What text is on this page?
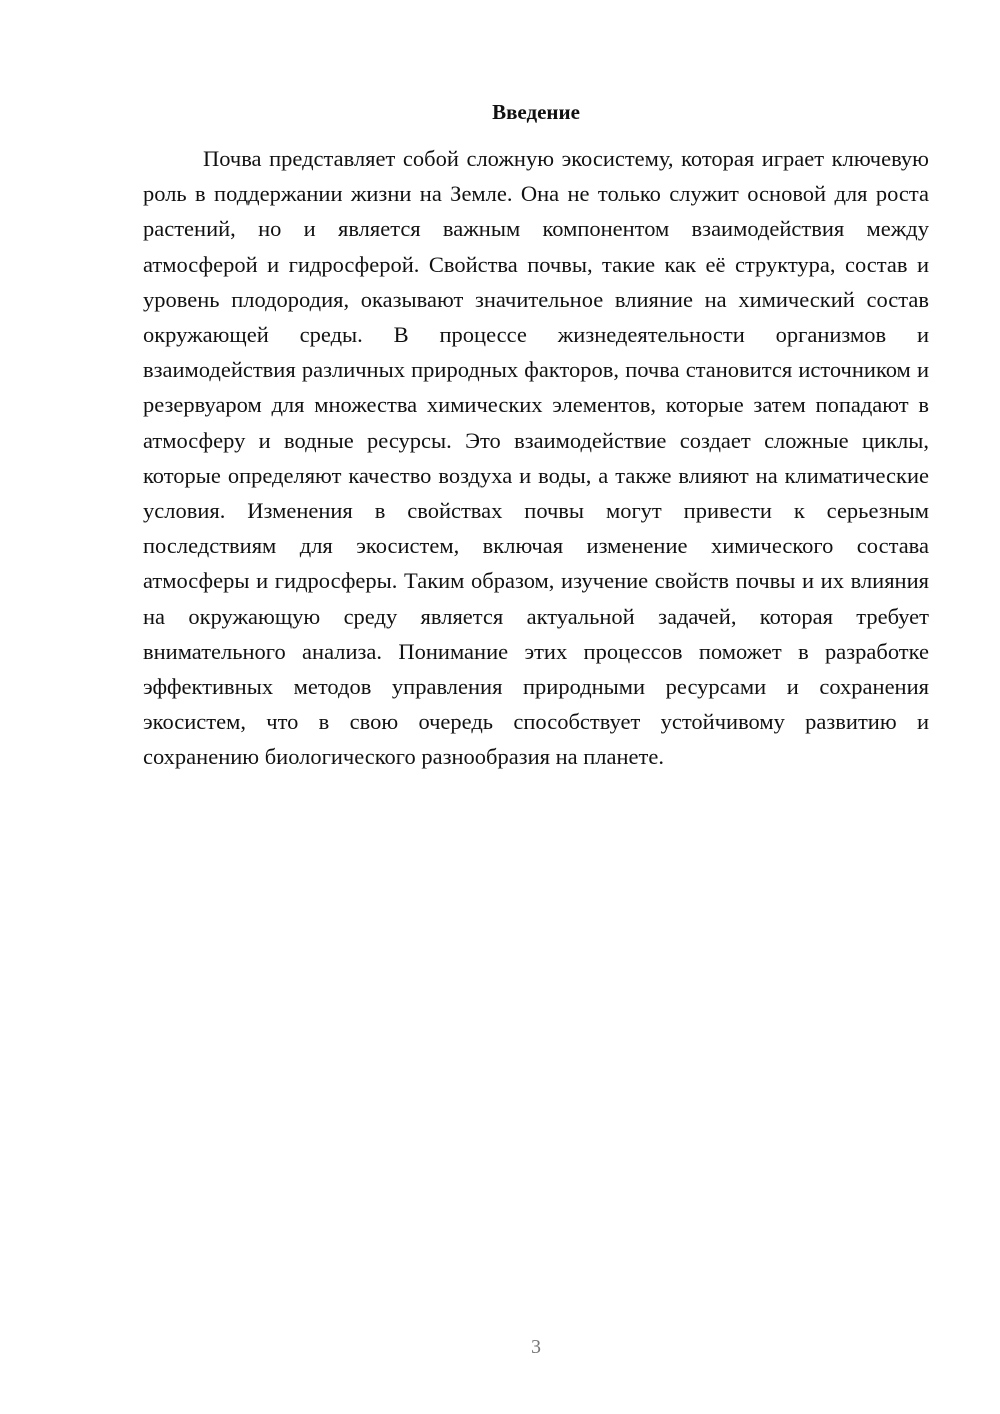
Введение

Почва представляет собой сложную экосистему, которая играет ключевую роль в поддержании жизни на Земле. Она не только служит основой для роста растений, но и является важным компонентом взаимодействия между атмосферой и гидросферой. Свойства почвы, такие как её структура, состав и уровень плодородия, оказывают значительное влияние на химический состав окружающей среды. В процессе жизнедеятельности организмов и взаимодействия различных природных факторов, почва становится источником и резервуаром для множества химических элементов, которые затем попадают в атмосферу и водные ресурсы. Это взаимодействие создает сложные циклы, которые определяют качество воздуха и воды, а также влияют на климатические условия. Изменения в свойствах почвы могут привести к серьезным последствиям для экосистем, включая изменение химического состава атмосферы и гидросферы. Таким образом, изучение свойств почвы и их влияния на окружающую среду является актуальной задачей, которая требует внимательного анализа. Понимание этих процессов поможет в разработке эффективных методов управления природными ресурсами и сохранения экосистем, что в свою очередь способствует устойчивому развитию и сохранению биологического разнообразия на планете.

3
